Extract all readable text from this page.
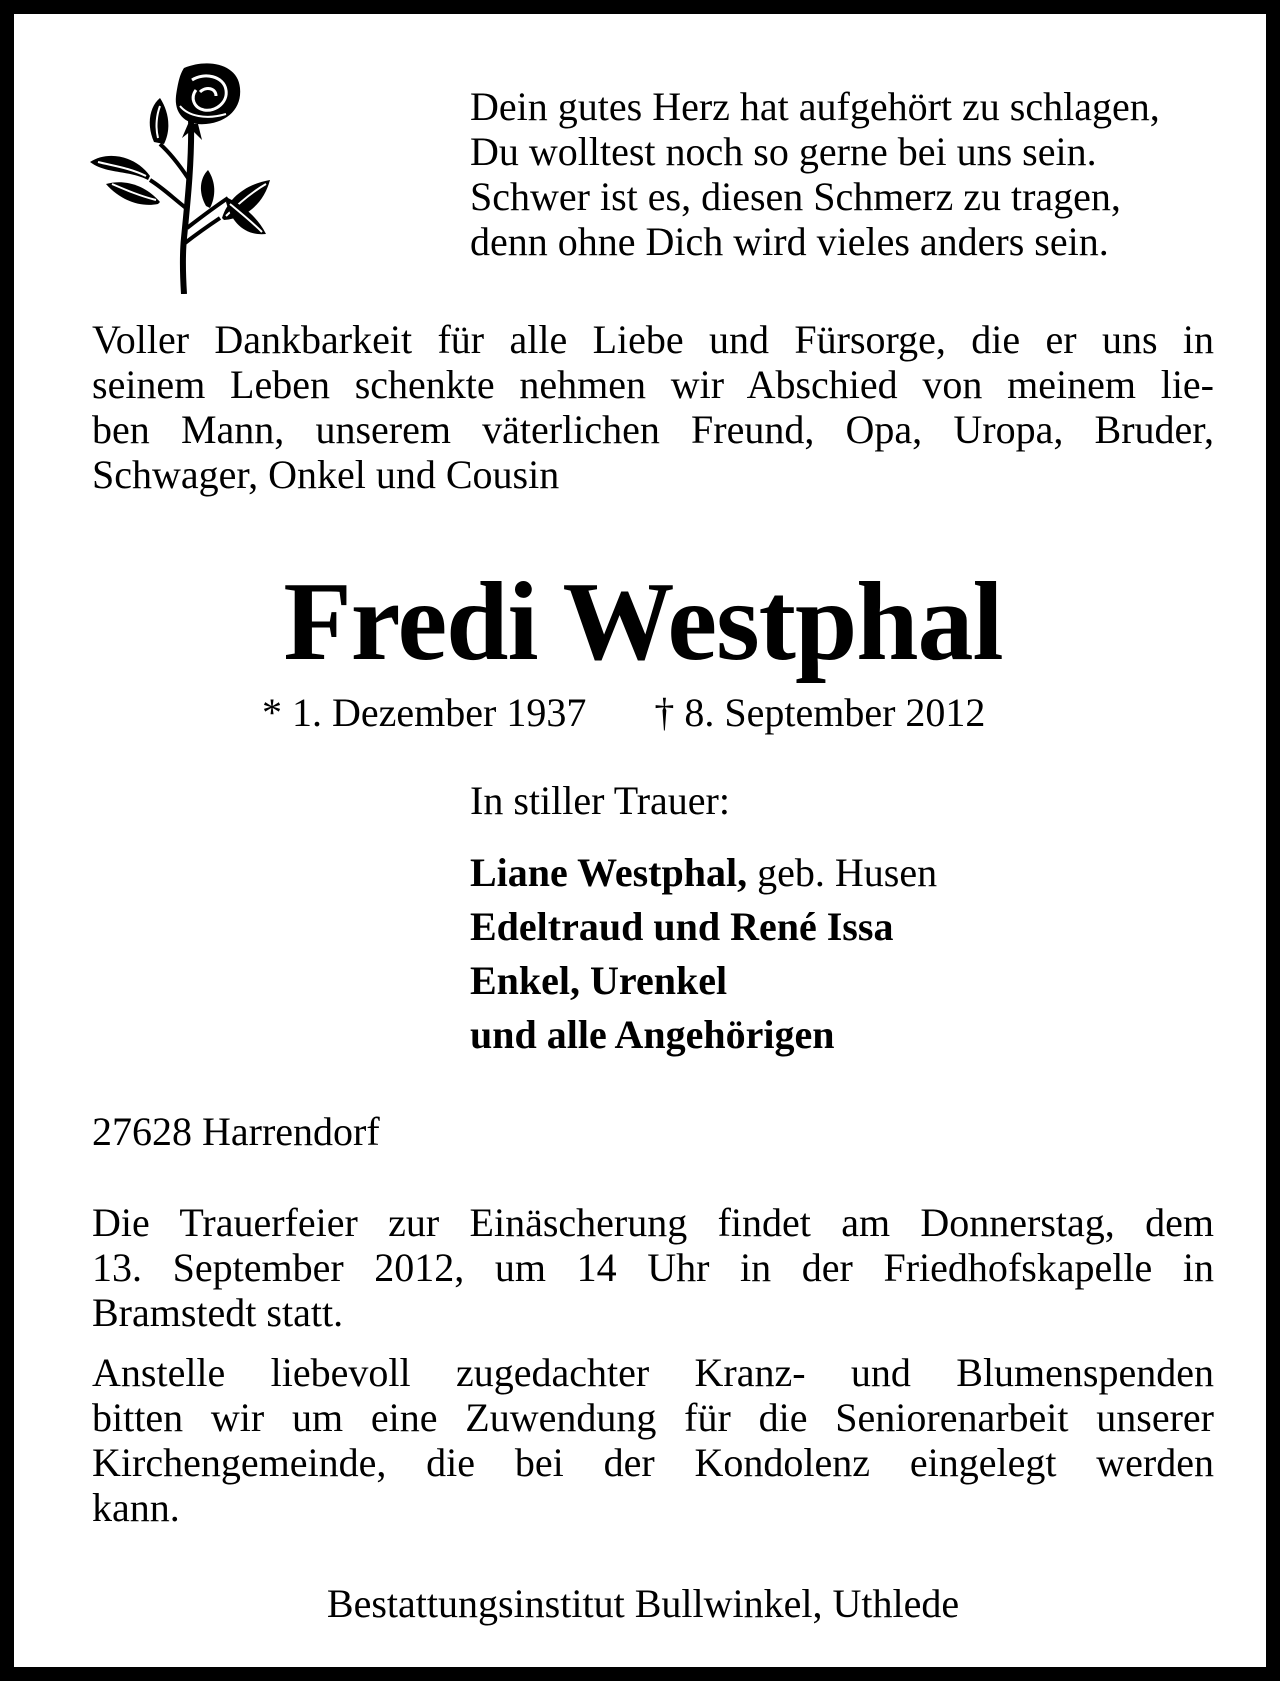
Dein gutes Herz hat aufgehört zu schlagen,
Du wolltest noch so gerne bei uns sein.
Schwer ist es, diesen Schmerz zu tragen,
denn ohne Dich wird vieles anders sein.
Voller Dankbarkeit für alle Liebe und Fürsorge, die er uns in
seinem Leben schenkte nehmen wir Abschied von meinem lie-
ben Mann, unserem väterlichen Freund, Opa, Uropa, Bruder,
Schwager, Onkel und Cousin
Fredi Westphal
* 1. Dezember 1937 † 8. September 2012
In stiller Trauer:
Liane Westphal, geb. Husen
Edeltraud und René Issa
Enkel, Urenkel
und alle Angehörigen
27628 Harrendorf
Die Trauerfeier zur Einäscherung findet am Donnerstag, dem
13. September 2012, um 14 Uhr in der Friedhofskapelle in
Bramstedt statt.
Anstelle liebevoll zugedachter Kranz- und Blumenspenden
bitten wir um eine Zuwendung für die Seniorenarbeit unserer
Kirchengemeinde, die bei der Kondolenz eingelegt werden
kann.
Bestattungsinstitut Bullwinkel, Uthlede
